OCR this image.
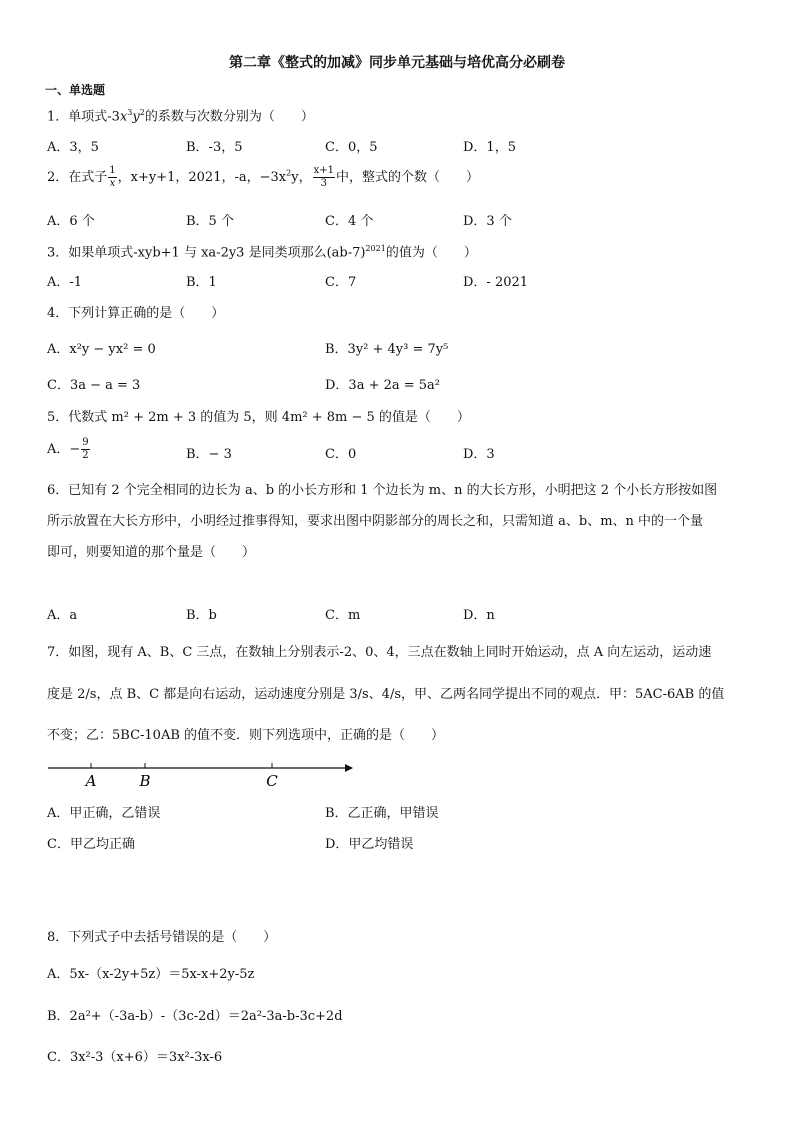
第二章《整式的加减》同步单元基础与培优高分必刷卷
一、单选题
1．单项式$-3x^3y^2$的系数与次数分别为（　　）
A．3，5	B．-3，5	C．0，5	D．1，5
2．在式子 $\frac{1}{x}$ ，x+y+1，2021，-a，$-3x^2y$， $\frac{x+1}{3}$ 中，整式的个数（　　）
A．6 个	B．5 个	C．4 个	D．3 个
3．如果单项式-xyb+1 与 xa-2y3 是同类项那么$(ab-7)^{2021}$的值为（　　）
A．-1	B．1	C．7	D．- 2021
4．下列计算正确的是（　　）
A．x²y − yx² = 0	B．3y² + 4y³ = 7y⁵
C．3a − a = 3	D．3a + 2a = 5a²
5．代数式 m² + 2m + 3 的值为 5，则 4m² + 8m − 5 的值是（　　）
A．− $\frac{9}{2}$	B．− 3	C．0	D．3
6．已知有 2 个完全相同的边长为 a、b 的小长方形和 1 个边长为 m、n 的大长方形，小明把这 2 个小长方形按如图
所示放置在大长方形中，小明经过推事得知，要求出图中阴影部分的周长之和，只需知道 a、b、m、n 中的一个量
即可，则要知道的那个量是（　　）
A．a	B．b	C．m	D．n
7．如图，现有 A、B、C 三点，在数轴上分别表示-2、0、4，三点在数轴上同时开始运动，点 A 向左运动，运动速
度是 2/s，点 B、C 都是向右运动，运动速度分别是 3/s、4/s，甲、乙两名同学提出不同的观点．甲：5AC-6AB 的值
不变；乙：5BC-10AB 的值不变．则下列选项中，正确的是（　　）
A	B	C
A．甲正确，乙错误	B．乙正确，甲错误
C．甲乙均正确	D．甲乙均错误
8．下列式子中去括号错误的是（　　）
A．5x-（x-2y+5z）＝5x-x+2y-5z
B．2a²+（-3a-b）-（3c-2d）＝2a²-3a-b-3c+2d
C．3x²-3（x+6）＝3x²-3x-6
